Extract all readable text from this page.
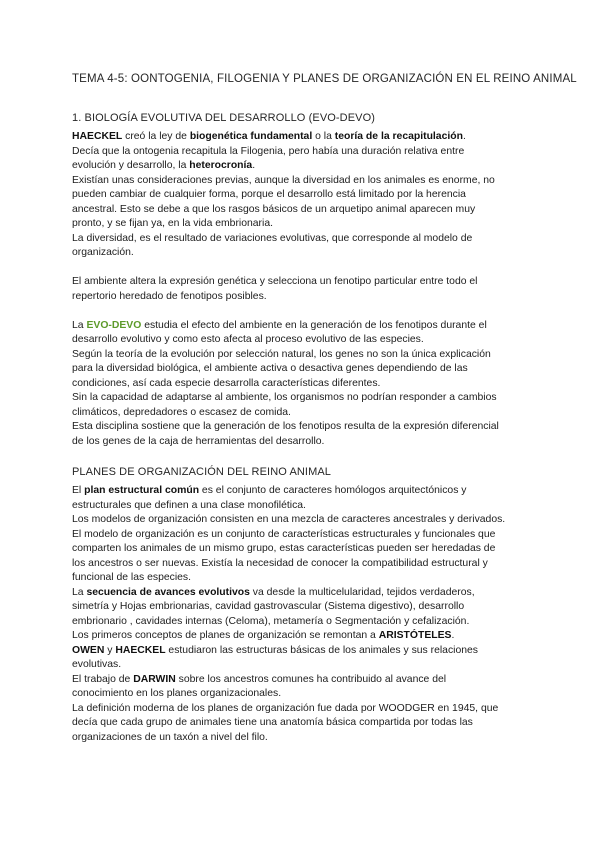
TEMA 4-5: OONTOGENIA, FILOGENIA Y PLANES DE ORGANIZACIÓN EN EL REINO ANIMAL
1. BIOLOGÍA EVOLUTIVA DEL DESARROLLO (EVO-DEVO)
HAECKEL creó la ley de biogenética fundamental o la teoría de la recapitulación.
Decía que la ontogenia recapitula la Filogenia, pero había una duración relativa entre
evolución y desarrollo, la heterocronía.
Existían unas consideraciones previas, aunque la diversidad en los animales es enorme, no
pueden cambiar de cualquier forma, porque el desarrollo está limitado por la herencia
ancestral. Esto se debe a que los rasgos básicos de un arquetipo animal aparecen muy
pronto, y se fijan ya, en la vida embrionaria.
La diversidad, es el resultado de variaciones evolutivas, que corresponde al modelo de
organización.
El ambiente altera la expresión genética y selecciona un fenotipo particular entre todo el
repertorio heredado de fenotipos posibles.
La EVO-DEVO estudia el efecto del ambiente en la generación de los fenotipos durante el
desarrollo evolutivo y como esto afecta al proceso evolutivo de las especies.
Según la teoría de la evolución por selección natural, los genes no son la única explicación
para la diversidad biológica, el ambiente activa o desactiva genes dependiendo de las
condiciones, así cada especie desarrolla características diferentes.
Sin la capacidad de adaptarse al ambiente, los organismos no podrían responder a cambios
climáticos, depredadores o escasez de comida.
Esta disciplina sostiene que la generación de los fenotipos resulta de la expresión diferencial
de los genes de la caja de herramientas del desarrollo.
PLANES DE ORGANIZACIÓN DEL REINO ANIMAL
El plan estructural común es el conjunto de caracteres homólogos arquitectónicos y
estructurales que definen a una clase monofilética.
Los modelos de organización consisten en una mezcla de caracteres ancestrales y derivados.
El modelo de organización es un conjunto de características estructurales y funcionales que
comparten los animales de un mismo grupo, estas características pueden ser heredadas de
los ancestros o ser nuevas. Existía la necesidad de conocer la compatibilidad estructural y
funcional de las especies.
La secuencia de avances evolutivos va desde la multicelularidad, tejidos verdaderos,
simetría y Hojas embrionarias, cavidad gastrovascular (Sistema digestivo), desarrollo
embrionario , cavidades internas (Celoma), metamería o Segmentación y cefalización.
Los primeros conceptos de planes de organización se remontan a ARISTÓTELES.
OWEN y HAECKEL estudiaron las estructuras básicas de los animales y sus relaciones
evolutivas.
El trabajo de DARWIN sobre los ancestros comunes ha contribuido al avance del
conocimiento en los planes organizacionales.
La definición moderna de los planes de organización fue dada por WOODGER en 1945, que
decía que cada grupo de animales tiene una anatomía básica compartida por todas las
organizaciones de un taxón a nivel del filo.
